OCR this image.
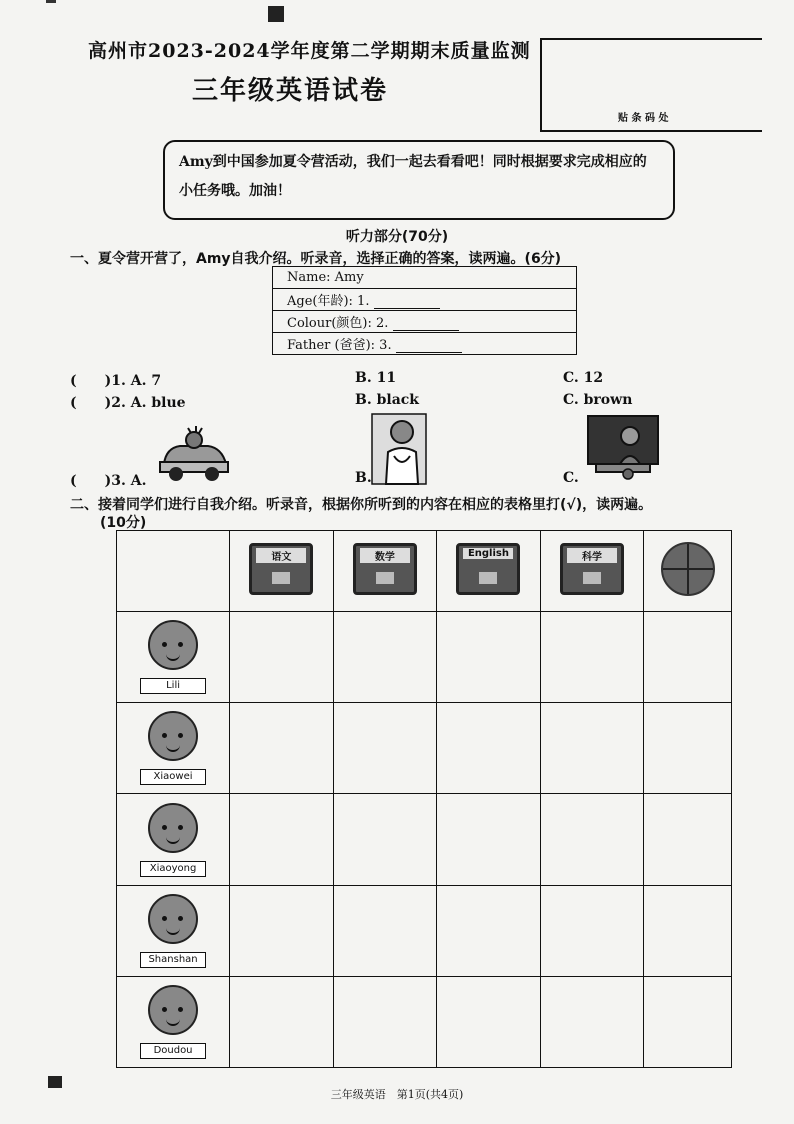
高州市2023-2024学年度第二学期期末质量监测
三年级英语试卷
贴 条 码 处
Amy到中国参加夏令营活动，我们一起去看看吧！同时根据要求完成相应的小任务哦。加油！
听力部分(70分)
一、夏令营开营了，Amy自我介绍。听录音，选择正确的答案，读两遍。(6分)
Name: Amy
Age(年龄): 1.
Colour(颜色): 2.
Father (爸爸): 3.
(　　)1. A. 7	B. 11	C. 12
(　　)2. A. blue	B. black	C. brown
(　　)3. A.	B.	C.
二、接着同学们进行自我介绍。听录音，根据你所听到的内容在相应的表格里打(√)，读两遍。
(10分)

	语文	数学	English	科学	

Lili					

Xiaowei					

Xiaoyong					

Shanshan					

Doudou					

三年级英语　第1页(共4页)
